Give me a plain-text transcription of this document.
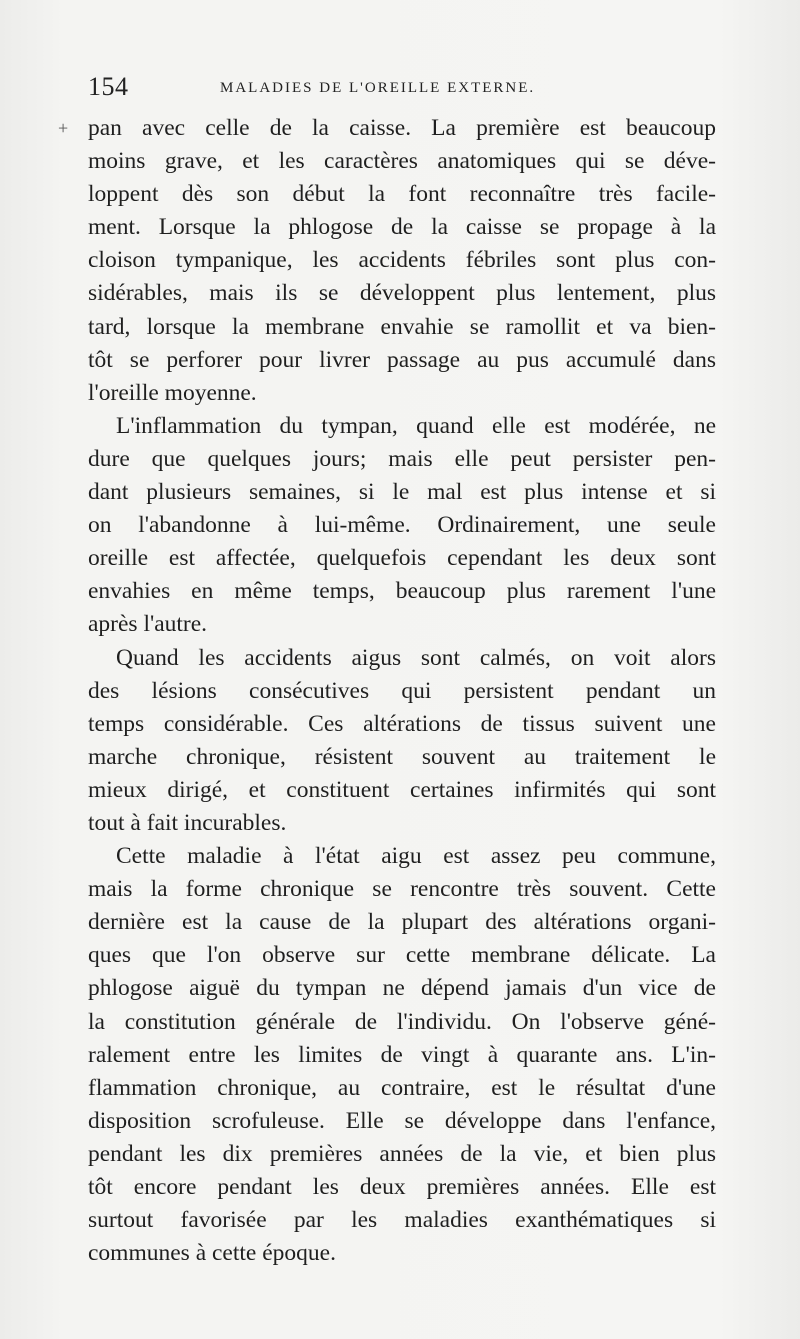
154	MALADIES DE L'OREILLE EXTERNE.
+ pan avec celle de la caisse. La première est beaucoup
moins grave, et les caractères anatomiques qui se déve-
loppent dès son début la font reconnaître très facile-
ment. Lorsque la phlogose de la caisse se propage à la
cloison tympanique, les accidents fébriles sont plus con-
sidérables, mais ils se développent plus lentement, plus
tard, lorsque la membrane envahie se ramollit et va bien-
tôt se perforer pour livrer passage au pus accumulé dans
l'oreille moyenne.
L'inflammation du tympan, quand elle est modérée, ne
dure que quelques jours; mais elle peut persister pen-
dant plusieurs semaines, si le mal est plus intense et si
on l'abandonne à lui-même. Ordinairement, une seule
oreille est affectée, quelquefois cependant les deux sont
envahies en même temps, beaucoup plus rarement l'une
après l'autre.
Quand les accidents aigus sont calmés, on voit alors
des lésions consécutives qui persistent pendant un
temps considérable. Ces altérations de tissus suivent une
marche chronique, résistent souvent au traitement le
mieux dirigé, et constituent certaines infirmités qui sont
tout à fait incurables.
Cette maladie à l'état aigu est assez peu commune,
mais la forme chronique se rencontre très souvent. Cette
dernière est la cause de la plupart des altérations organi-
ques que l'on observe sur cette membrane délicate. La
phlogose aiguë du tympan ne dépend jamais d'un vice de
la constitution générale de l'individu. On l'observe géné-
ralement entre les limites de vingt à quarante ans. L'in-
flammation chronique, au contraire, est le résultat d'une
disposition scrofuleuse. Elle se développe dans l'enfance,
pendant les dix premières années de la vie, et bien plus
tôt encore pendant les deux premières années. Elle est
surtout favorisée par les maladies exanthématiques si
communes à cette époque.
